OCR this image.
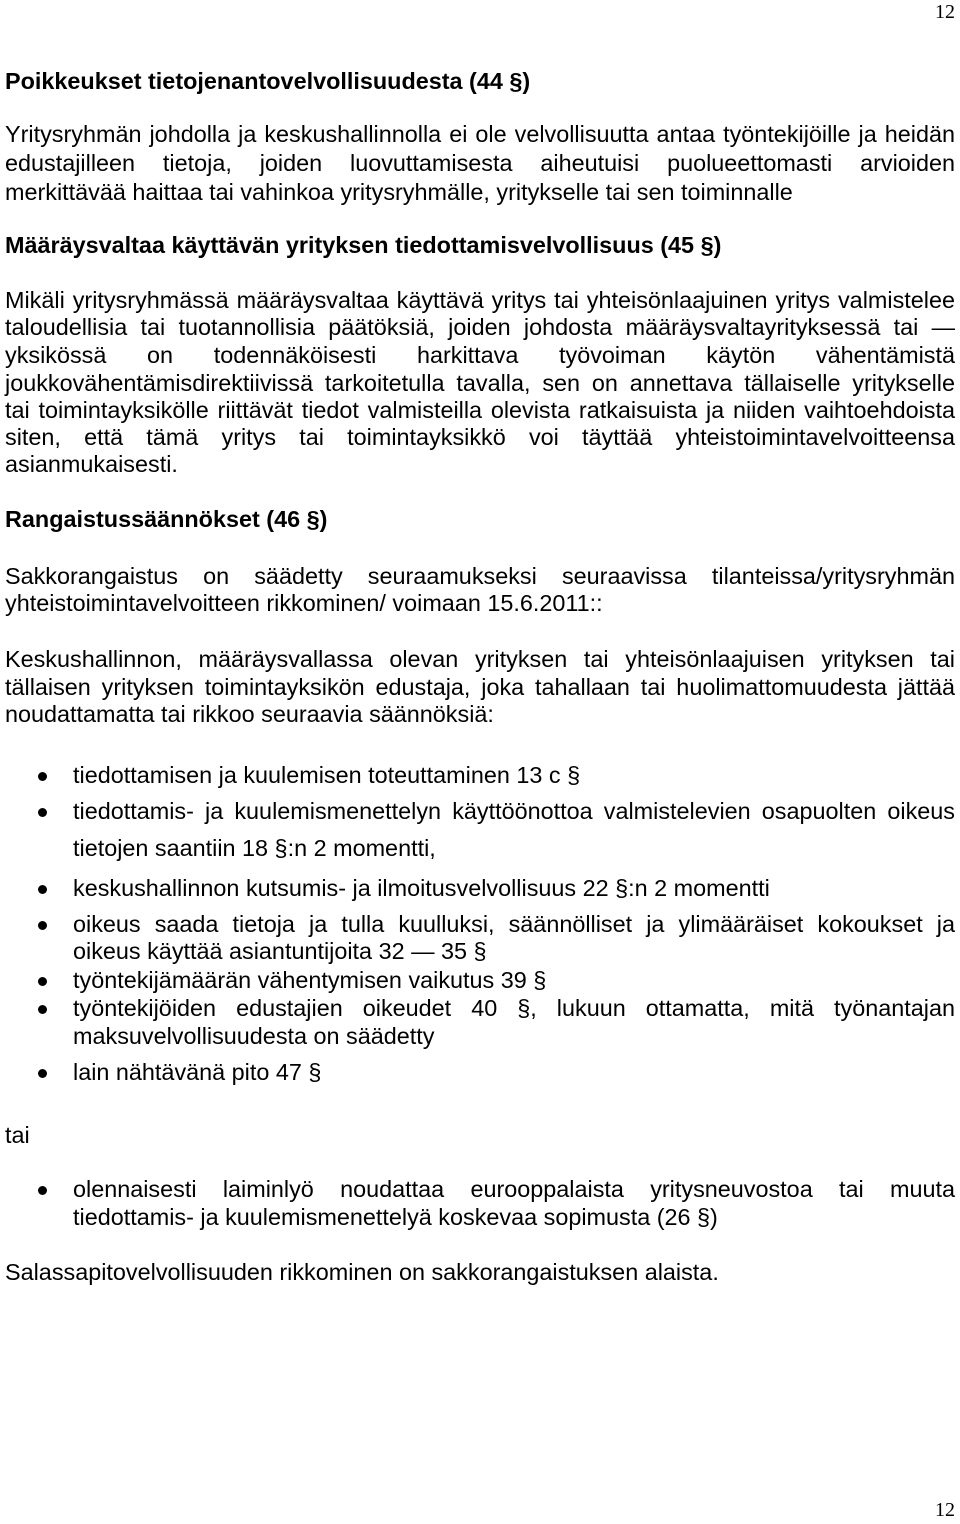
12
Poikkeukset tietojenantovelvollisuudesta (44 §)
Yritysryhmän johdolla ja keskushallinnolla ei ole velvollisuutta antaa työntekijöille ja heidän
edustajilleen tietoja, joiden luovuttamisesta aiheutuisi puolueettomasti arvioiden
merkittävää haittaa tai vahinkoa yritysryhmälle, yritykselle tai sen toiminnalle
Määräysvaltaa käyttävän yrityksen tiedottamisvelvollisuus (45 §)
Mikäli yritysryhmässä määräysvaltaa käyttävä yritys tai yhteisönlaajuinen yritys valmistelee
taloudellisia tai tuotannollisia päätöksiä, joiden johdosta määräysvaltayrityksessä tai —
yksikössä on todennäköisesti harkittava työvoiman käytön vähentämistä
joukkovähentämisdirektiivissä tarkoitetulla tavalla, sen on annettava tällaiselle yritykselle
tai toimintayksikölle riittävät tiedot valmisteilla olevista ratkaisuista ja niiden vaihtoehdoista
siten, että tämä yritys tai toimintayksikkö voi täyttää yhteistoimintavelvoitteensa
asianmukaisesti.
Rangaistussäännökset (46 §)
Sakkorangaistus on säädetty seuraamukseksi seuraavissa tilanteissa/yritysryhmän
yhteistoimintavelvoitteen rikkominen/ voimaan 15.6.2011::
Keskushallinnon, määräysvallassa olevan yrityksen tai yhteisönlaajuisen yrityksen tai
tällaisen yrityksen toimintayksikön edustaja, joka tahallaan tai huolimattomuudesta jättää
noudattamatta tai rikkoo seuraavia säännöksiä:
tiedottamisen ja kuulemisen toteuttaminen 13 c §
tiedottamis- ja kuulemismenettelyn käyttöönottoa valmistelevien osapuolten oikeus
tietojen saantiin 18 §:n 2 momentti,
keskushallinnon kutsumis- ja ilmoitusvelvollisuus 22 §:n 2 momentti
oikeus saada tietoja ja tulla kuulluksi, säännölliset ja ylimääräiset kokoukset ja
oikeus käyttää asiantuntijoita 32 — 35 §
työntekijämäärän vähentymisen vaikutus 39 §
työntekijöiden edustajien oikeudet 40 §, lukuun ottamatta, mitä työnantajan
maksuvelvollisuudesta on säädetty
lain nähtävänä pito 47 §
tai
olennaisesti laiminlyö noudattaa eurooppalaista yritysneuvostoa tai muuta
tiedottamis- ja kuulemismenettelyä koskevaa sopimusta (26 §)
Salassapitovelvollisuuden rikkominen on sakkorangaistuksen alaista.
12
